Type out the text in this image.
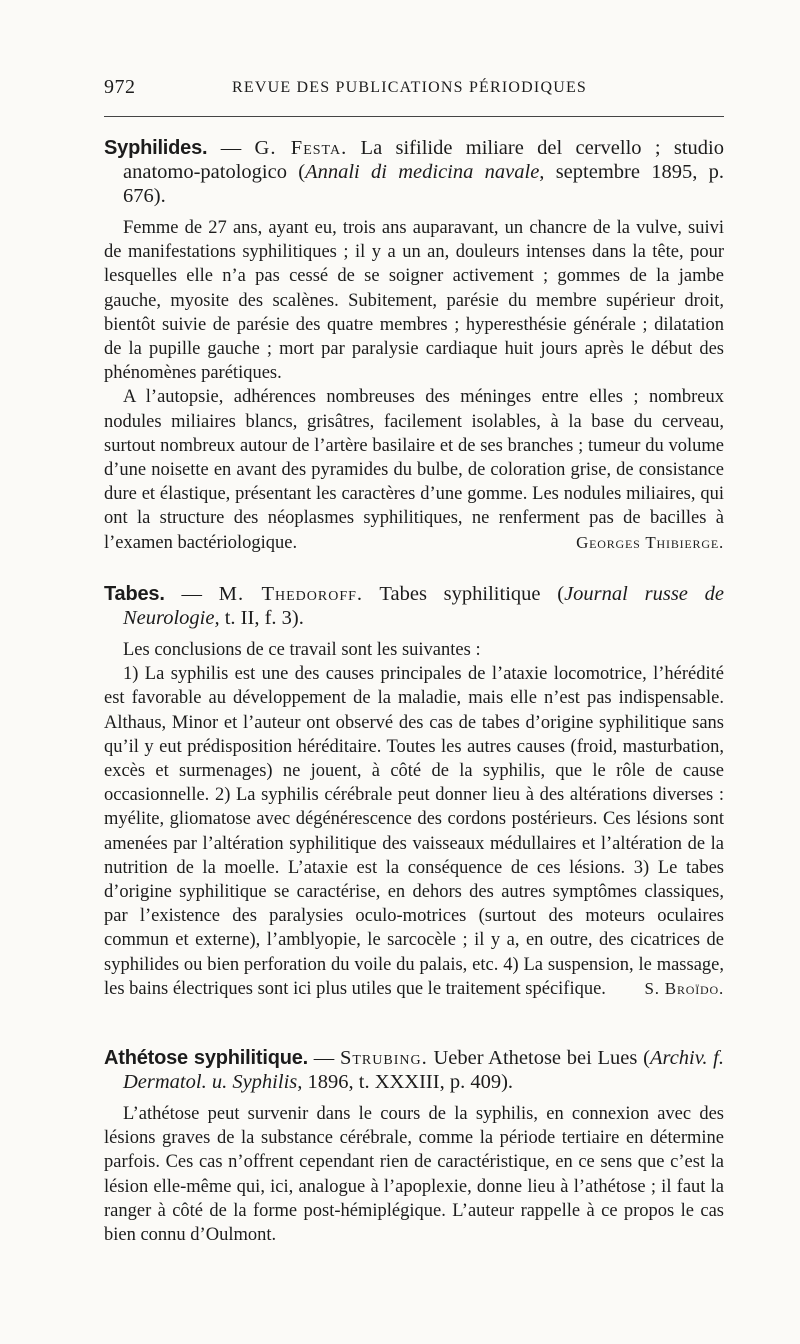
972	REVUE DES PUBLICATIONS PÉRIODIQUES

Syphilides. — G. Festa. La sifilide miliare del cervello ; studio anatomo-patologico (Annali di medicina navale, septembre 1895, p. 676).

Femme de 27 ans, ayant eu, trois ans auparavant, un chancre de la vulve, suivi de manifestations syphilitiques ; il y a un an, douleurs intenses dans la tête, pour lesquelles elle n’a pas cessé de se soigner activement ; gommes de la jambe gauche, myosite des scalènes. Subitement, parésie du membre supérieur droit, bientôt suivie de parésie des quatre membres ; hyperesthésie générale ; dilatation de la pupille gauche ; mort par paralysie cardiaque huit jours après le début des phénomènes parétiques.

A l’autopsie, adhérences nombreuses des méninges entre elles ; nombreux nodules miliaires blancs, grisâtres, facilement isolables, à la base du cerveau, surtout nombreux autour de l’artère basilaire et de ses branches ; tumeur du volume d’une noisette en avant des pyramides du bulbe, de coloration grise, de consistance dure et élastique, présentant les caractères d’une gomme. Les nodules miliaires, qui ont la structure des néoplasmes syphilitiques, ne renferment pas de bacilles à l’examen bactériologique.	Georges Thibierge.

Tabes. — M. Thedoroff. Tabes syphilitique (Journal russe de Neurologie, t. II, f. 3).

Les conclusions de ce travail sont les suivantes :

1) La syphilis est une des causes principales de l’ataxie locomotrice, l’hérédité est favorable au développement de la maladie, mais elle n’est pas indispensable. Althaus, Minor et l’auteur ont observé des cas de tabes d’origine syphilitique sans qu’il y eut prédisposition héréditaire. Toutes les autres causes (froid, masturbation, excès et surmenages) ne jouent, à côté de la syphilis, que le rôle de cause occasionnelle. 2) La syphilis cérébrale peut donner lieu à des altérations diverses : myélite, gliomatose avec dégénérescence des cordons postérieurs. Ces lésions sont amenées par l’altération syphilitique des vaisseaux médullaires et l’altération de la nutrition de la moelle. L’ataxie est la conséquence de ces lésions. 3) Le tabes d’origine syphilitique se caractérise, en dehors des autres symptômes classiques, par l’existence des paralysies oculo-motrices (surtout des moteurs oculaires commun et externe), l’amblyopie, le sarcocèle ; il y a, en outre, des cicatrices de syphilides ou bien perforation du voile du palais, etc. 4) La suspension, le massage, les bains électriques sont ici plus utiles que le traitement spécifique. S. Broïdo.

Athétose syphilitique. — Strubing. Ueber Athetose bei Lues (Archiv. f. Dermatol. u. Syphilis, 1896, t. XXXIII, p. 409).

L’athétose peut survenir dans le cours de la syphilis, en connexion avec des lésions graves de la substance cérébrale, comme la période tertiaire en détermine parfois. Ces cas n’offrent cependant rien de caractéristique, en ce sens que c’est la lésion elle-même qui, ici, analogue à l’apoplexie, donne lieu à l’athétose ; il faut la ranger à côté de la forme post-hémiplégique. L’auteur rappelle à ce propos le cas bien connu d’Oulmont.
